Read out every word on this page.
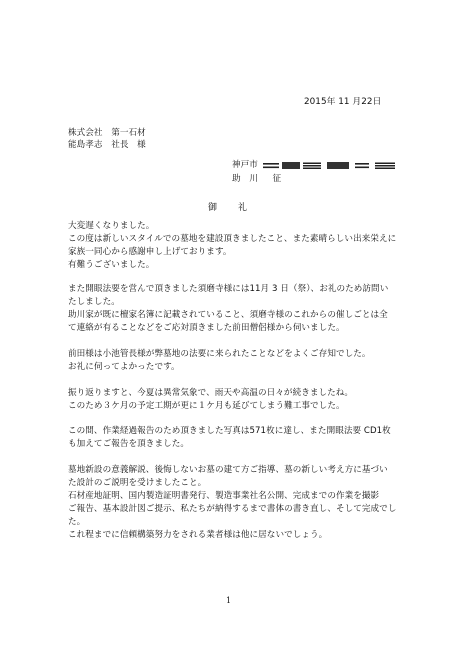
2015年 11 月22日
株式会社　第一石材
能島孝志　社長　様
神戸市
助 川　征
御　礼
大変遅くなりました。
この度は新しいスタイルでの墓地を建設頂きましたこと、また素晴らしい出来栄えに
家族一同心から感謝申し上げております。
有難うございました。
また開眼法要を営んで頂きました須磨寺様には11月 3 日（祭）、お礼のため訪問い
たしました。
助川家が既に檀家名簿に記載されていること、須磨寺様のこれからの催しごとは全
て連絡が有ることなどをご応対頂きました前田僧侶様から伺いました。
前田様は小池管長様が弊墓地の法要に来られたことなどをよくご存知でした。
お礼に伺ってよかったです。
振り返りますと、今夏は異常気象で、雨天や高温の日々が続きましたね。
このため３ケ月の予定工期が更に１ケ月も延びてしまう難工事でした。
この間、作業経過報告のため頂きました写真は571枚に達し、また開眼法要 CD1枚
も加えてご報告を頂きました。
墓地新設の意義解説、後悔しないお墓の建て方ご指導、墓の新しい考え方に基づい
た設計のご説明を受けましたこと。
石材産地証明、国内製造証明書発行、製造事業社名公開、完成までの作業を撮影
ご報告、基本設計図ご提示、私たちが納得するまで書体の書き直し、そして完成でし
た。
これ程までに信頼構築努力をされる業者様は他に居ないでしょう。
1
